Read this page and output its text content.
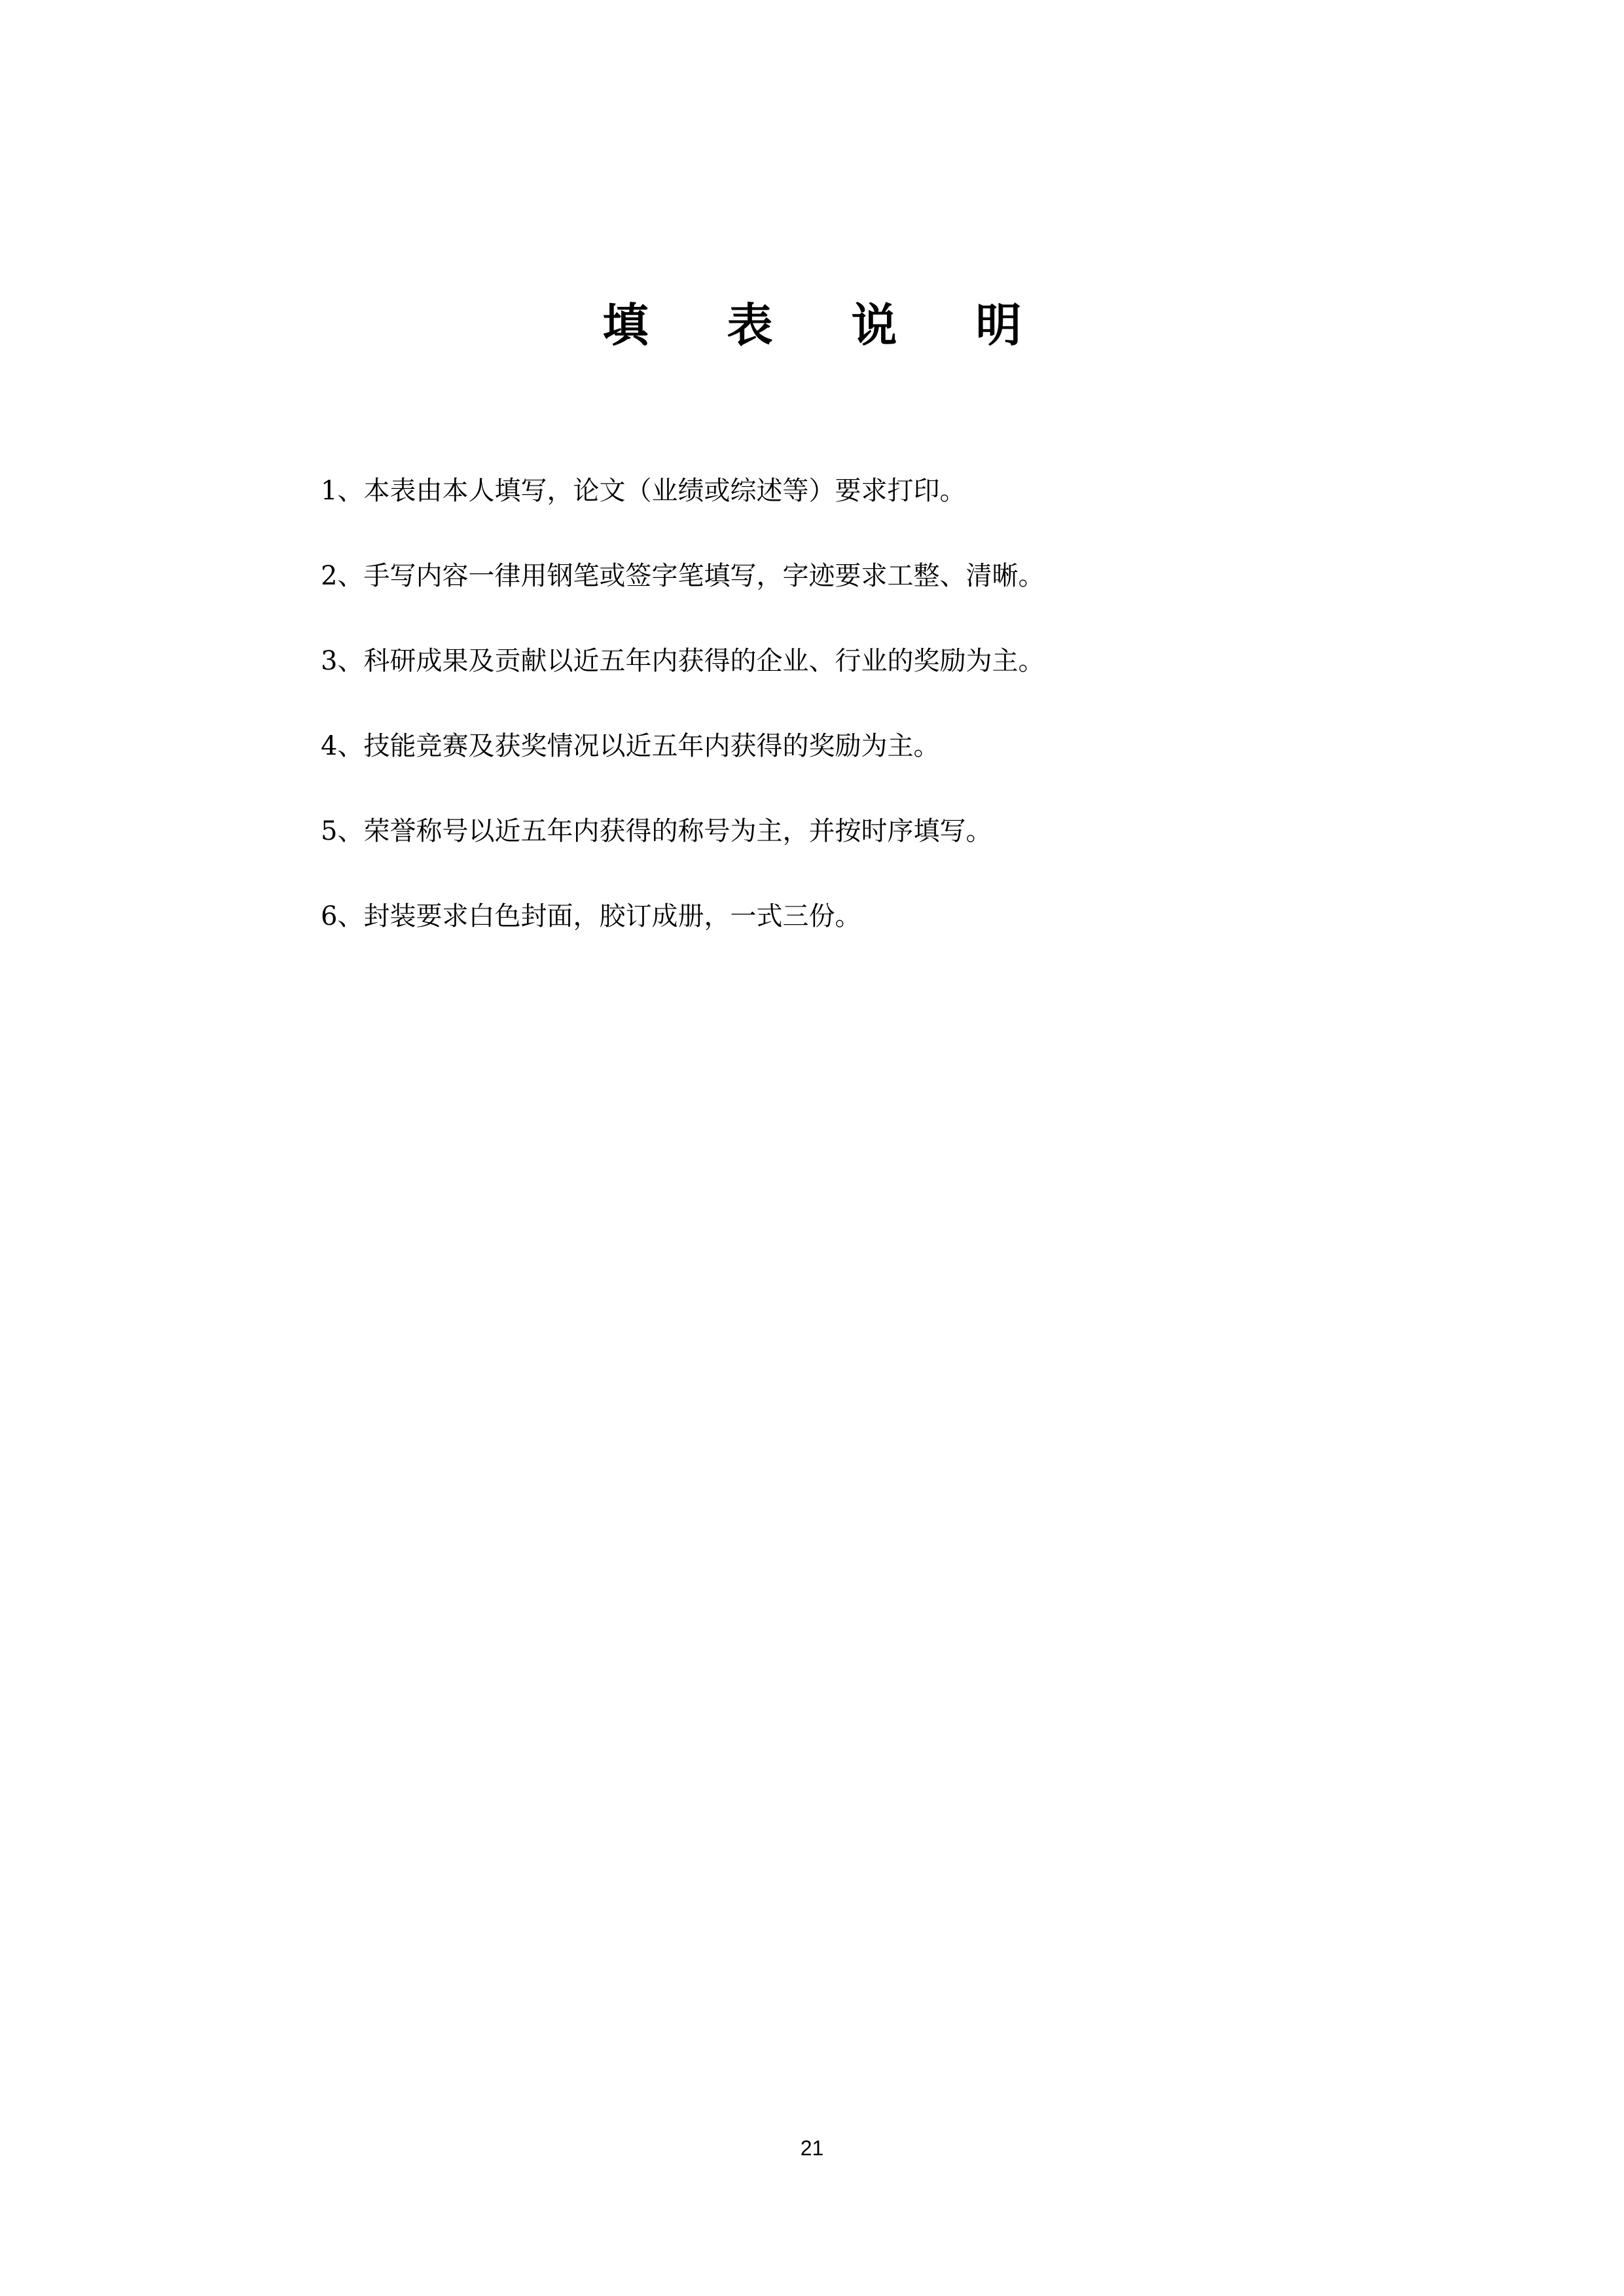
填表说明
1、本表由本人填写，论文（业绩或综述等）要求打印。
2、手写内容一律用钢笔或签字笔填写，字迹要求工整、清晰。
3、科研成果及贡献以近五年内获得的企业、行业的奖励为主。
4、技能竞赛及获奖情况以近五年内获得的奖励为主。
5、荣誉称号以近五年内获得的称号为主，并按时序填写。
6、封装要求白色封面，胶订成册，一式三份。
21
